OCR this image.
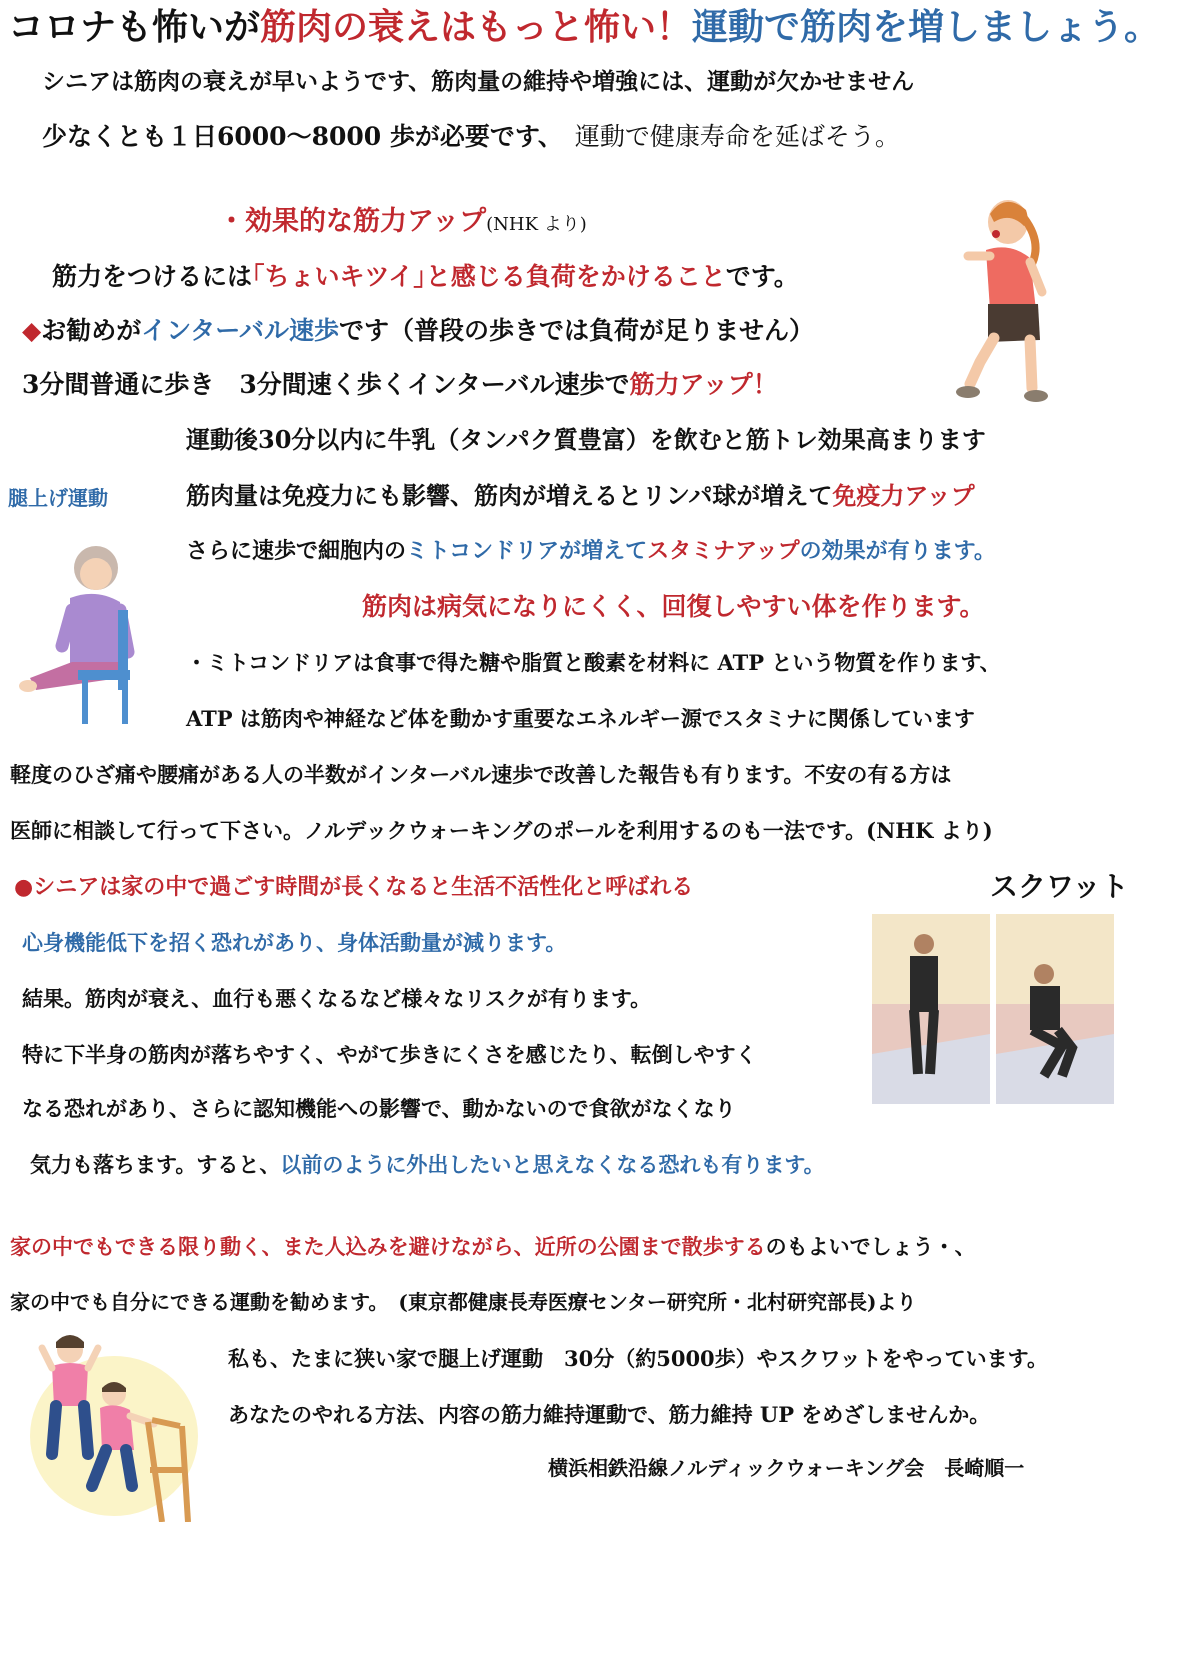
コロナも怖いが筋肉の衰えはもっと怖い！運動で筋肉を増しましょう。
シニアは筋肉の衰えが早いようです、筋肉量の維持や増強には、運動が欠かせません
少なくとも１日6000～8000 歩が必要です、 運動で健康寿命を延ばそう。
・効果的な筋力アップ(NHK より)
筋力をつけるには｢ちょいキツイ｣と感じる負荷をかけることです。
◆お勧めがインターバル速歩です（普段の歩きでは負荷が足りません）
3分間普通に歩き　3分間速く歩くインターバル速歩で筋力アップ！
運動後30分以内に牛乳（タンパク質豊富）を飲むと筋トレ効果高まります
腿上げ運動	筋肉量は免疫力にも影響、筋肉が増えるとリンパ球が増えて免疫力アップ
さらに速歩で細胞内のミトコンドリアが増えてスタミナアップの効果が有ります。
筋肉は病気になりにくく、回復しやすい体を作ります。
・ミトコンドリアは食事で得た糖や脂質と酸素を材料に ATP という物質を作ります、
ATP は筋肉や神経など体を動かす重要なエネルギー源でスタミナに関係しています
軽度のひざ痛や腰痛がある人の半数がインターバル速歩で改善した報告も有ります。不安の有る方は
医師に相談して行って下さい。ノルデックウォーキングのポールを利用するのも一法です。(NHK より)
●シニアは家の中で過ごす時間が長くなると生活不活性化と呼ばれる	スクワット
心身機能低下を招く恐れがあり、身体活動量が減ります。
結果。筋肉が衰え、血行も悪くなるなど様々なリスクが有ります。
特に下半身の筋肉が落ちやすく、やがて歩きにくさを感じたり、転倒しやすく
なる恐れがあり、さらに認知機能への影響で、動かないので食欲がなくなり
気力も落ちます。すると、以前のように外出したいと思えなくなる恐れも有ります。
家の中でもできる限り動く、また人込みを避けながら、近所の公園まで散歩するのもよいでしょう・、
家の中でも自分にできる運動を勧めます。　(東京都健康長寿医療センター研究所・北村研究部長)より
私も、たまに狭い家で腿上げ運動　30分（約5000歩）やスクワットをやっています。
あなたのやれる方法、内容の筋力維持運動で、筋力維持 UP をめざしませんか。
横浜相鉄沿線ノルディックウォーキング会　長崎順一
